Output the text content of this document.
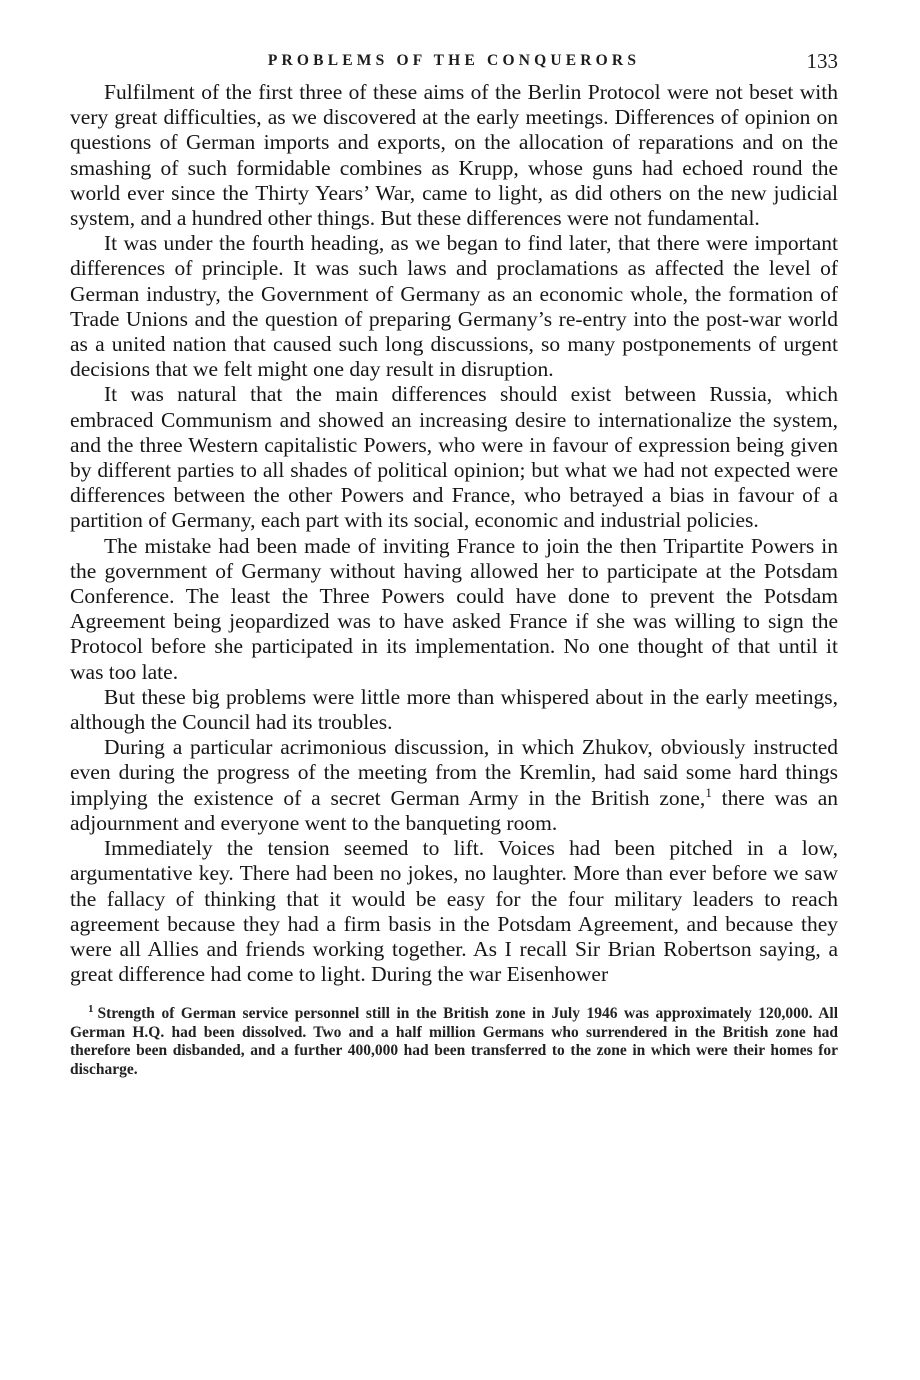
PROBLEMS OF THE CONQUERORS	133

Fulfilment of the first three of these aims of the Berlin Protocol were not beset with very great difficulties, as we discovered at the early meetings. Differences of opinion on questions of German imports and exports, on the allocation of reparations and on the smashing of such formidable combines as Krupp, whose guns had echoed round the world ever since the Thirty Years’ War, came to light, as did others on the new judicial system, and a hundred other things. But these differences were not fundamental.

It was under the fourth heading, as we began to find later, that there were important differences of principle. It was such laws and proclamations as affected the level of German industry, the Government of Germany as an economic whole, the formation of Trade Unions and the question of preparing Germany’s re-entry into the post-war world as a united nation that caused such long discussions, so many postponements of urgent decisions that we felt might one day result in disruption.

It was natural that the main differences should exist between Russia, which embraced Communism and showed an increasing desire to internationalize the system, and the three Western capitalistic Powers, who were in favour of expression being given by different parties to all shades of political opinion; but what we had not expected were differences between the other Powers and France, who betrayed a bias in favour of a partition of Germany, each part with its social, economic and industrial policies.

The mistake had been made of inviting France to join the then Tripartite Powers in the government of Germany without having allowed her to participate at the Potsdam Conference. The least the Three Powers could have done to prevent the Potsdam Agreement being jeopardized was to have asked France if she was willing to sign the Protocol before she participated in its implementation. No one thought of that until it was too late.

But these big problems were little more than whispered about in the early meetings, although the Council had its troubles.

During a particular acrimonious discussion, in which Zhukov, obviously instructed even during the progress of the meeting from the Kremlin, had said some hard things implying the existence of a secret German Army in the British zone,$^1$ there was an adjournment and everyone went to the banqueting room.

Immediately the tension seemed to lift. Voices had been pitched in a low, argumentative key. There had been no jokes, no laughter. More than ever before we saw the fallacy of thinking that it would be easy for the four military leaders to reach agreement because they had a firm basis in the Potsdam Agreement, and because they were all Allies and friends working together. As I recall Sir Brian Robertson saying, a great difference had come to light. During the war Eisenhower

$^1$ Strength of German service personnel still in the British zone in July 1946 was approximately 120,000. All German H.Q. had been dissolved. Two and a half million Germans who surrendered in the British zone had therefore been disbanded, and a further 400,000 had been transferred to the zone in which were their homes for discharge.
